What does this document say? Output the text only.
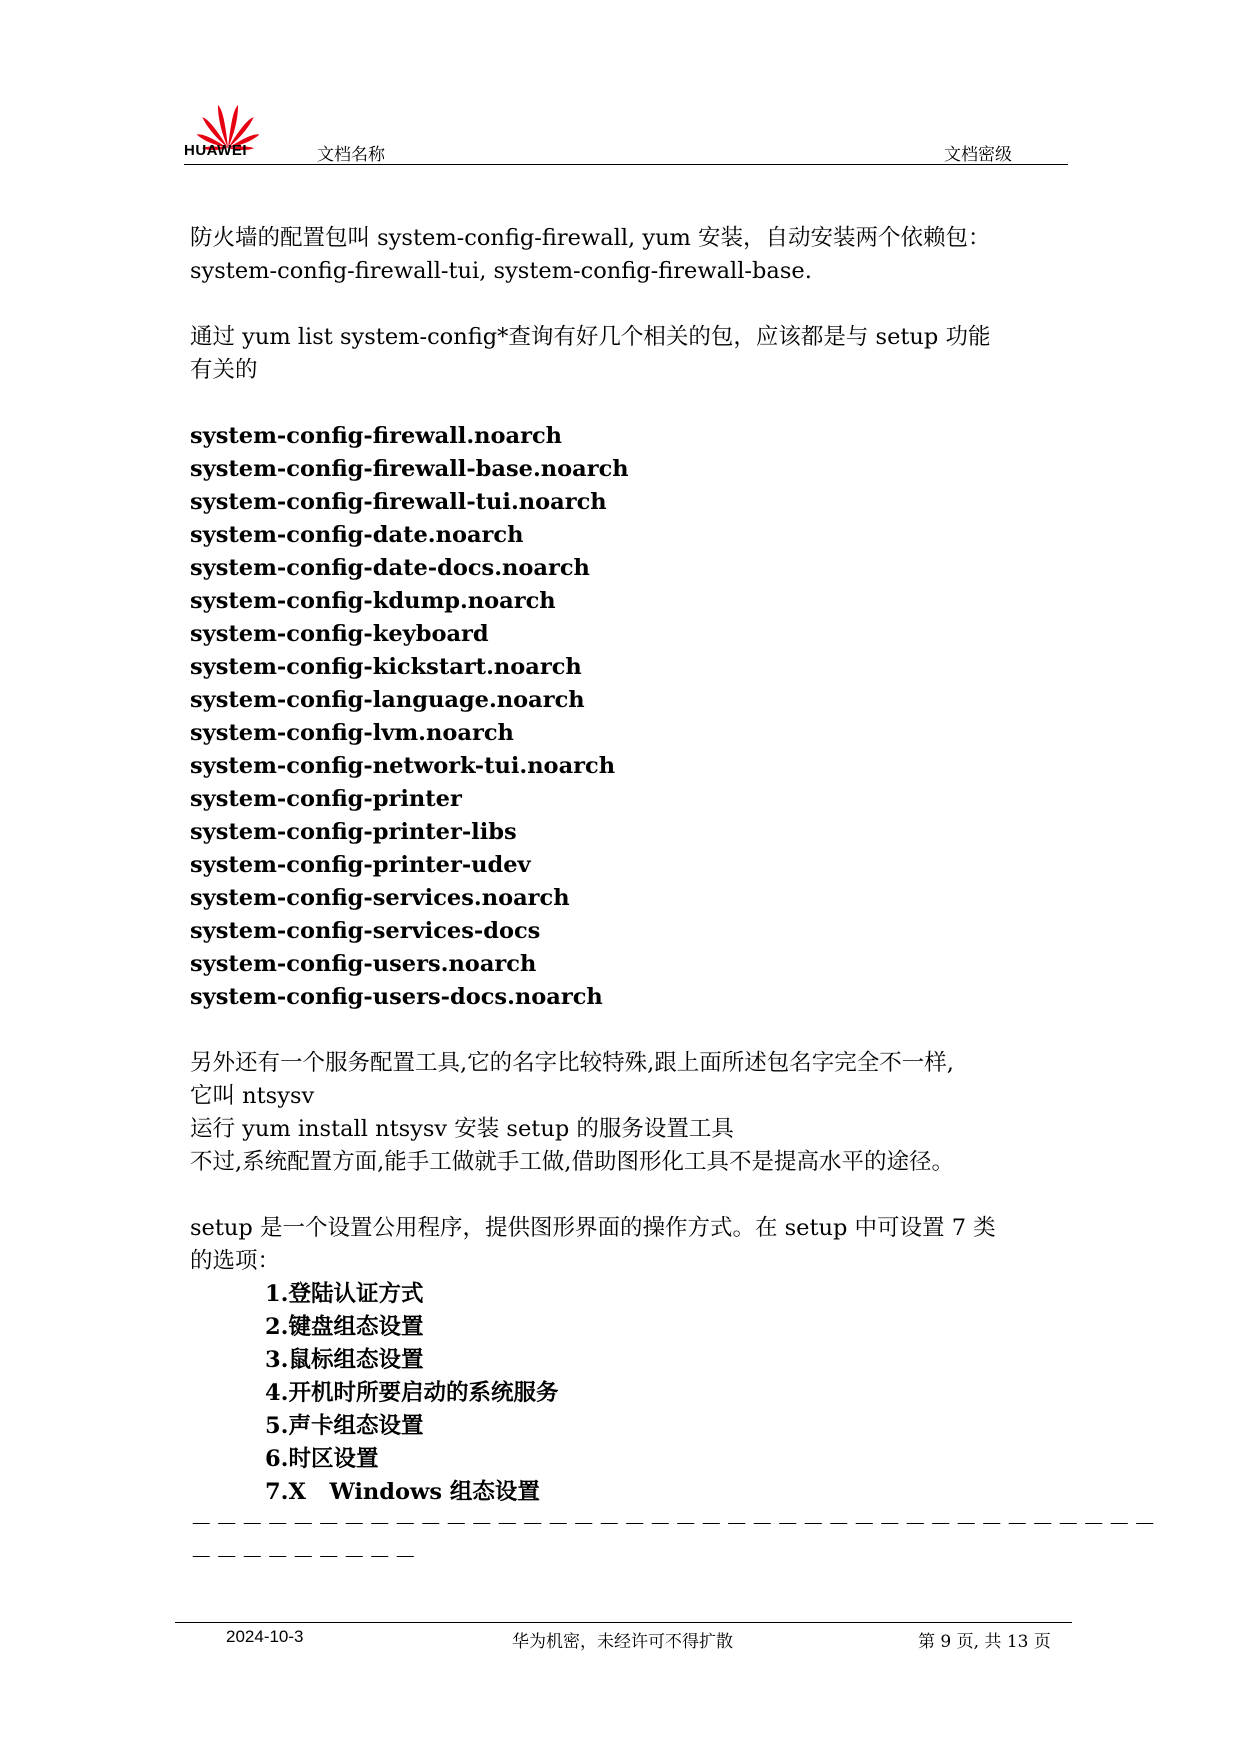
HUAWEI	文档名称	文档密级

防火墙的配置包叫 system-config-firewall, yum 安装，自动安装两个依赖包：

system-config-firewall-tui, system-config-firewall-base.

通过 yum list system-config*查询有好几个相关的包，应该都是与 setup 功能

有关的

system-config-firewall.noarch

system-config-firewall-base.noarch

system-config-firewall-tui.noarch

system-config-date.noarch

system-config-date-docs.noarch

system-config-kdump.noarch

system-config-keyboard

system-config-kickstart.noarch

system-config-language.noarch

system-config-lvm.noarch

system-config-network-tui.noarch

system-config-printer

system-config-printer-libs

system-config-printer-udev

system-config-services.noarch

system-config-services-docs

system-config-users.noarch

system-config-users-docs.noarch

另外还有一个服务配置工具,它的名字比较特殊,跟上面所述包名字完全不一样,

它叫 ntsysv

运行 yum install ntsysv 安装 setup 的服务设置工具

不过,系统配置方面,能手工做就手工做,借助图形化工具不是提高水平的途径。

setup 是一个设置公用程序，提供图形界面的操作方式。在 setup 中可设置 7 类

的选项：

1.登陆认证方式

2.键盘组态设置

3.鼠标组态设置

4.开机时所要启动的系统服务

5.声卡组态设置

6.时区设置

7.X   Windows 组态设置

－－－－－－－－－－－－－－－－－－－－－－－－－－－－－－－－－－－－－－

－－－－－－－－－

2024-10-3	华为机密，未经许可不得扩散	第 9 页, 共 13 页
